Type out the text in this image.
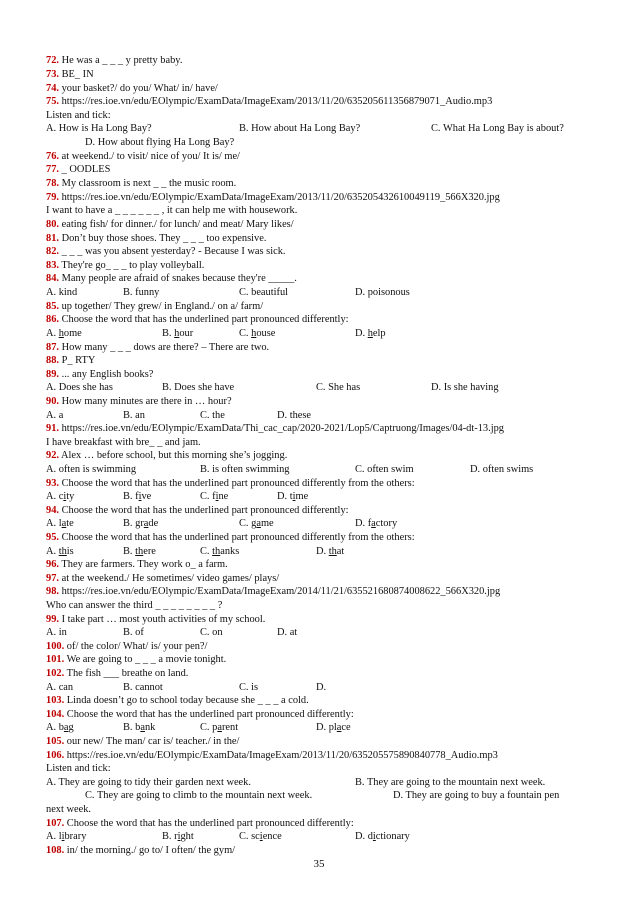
72. He was a _ _ _ y pretty baby.
73. BE_ IN
74. your basket?/ do you/ What/ in/ have/
75. https://res.ioe.vn/edu/EOlympic/ExamData/ImageExam/2013/11/20/635205611356879071_Audio.mp3
Listen and tick:
A. How is Ha Long Bay?	B. How about Ha Long Bay?	C. What Ha Long Bay is about?
D. How about flying Ha Long Bay?
76. at weekend./ to visit/ nice of you/ It is/ me/
77. _ OODLES
78. My classroom is next _ _ the music room.
79. https://res.ioe.vn/edu/EOlympic/ExamData/ImageExam/2013/11/20/635205432610049119_566X320.jpg
I want to have a _ _ _ _ _ _ , it can help me with housework.
80. eating fish/ for dinner./ for lunch/ and meat/ Mary likes/
81. Don’t buy those shoes. They _ _ _ too expensive.
82. _ _ _ was you absent yesterday? - Because I was sick.
83. They're go_ _ _ to play volleyball.
84. Many people are afraid of snakes because they're _____.
A. kind	B. funny	C. beautiful	D. poisonous
85. up together/ They grew/ in England./ on a/ farm/
86. Choose the word that has the underlined part pronounced differently:
A. home	B. hour	C. house	D. help
87. How many _ _ _ dows are there? – There are two.
88. P_ RTY
89. ... any English books?
A. Does she has	B. Does she have	C. She has	D. Is she having
90. How many minutes are there in … hour?
A. a	B. an	C. the	D. these
91. https://res.ioe.vn/edu/EOlympic/ExamData/Thi_cac_cap/2020-2021/Lop5/Captruong/Images/04-dt-13.jpg
I have breakfast with bre_ _ and jam.
92. Alex … before school, but this morning she’s jogging.
A. often is swimming	B. is often swimming	C. often swim	D. often swims
93. Choose the word that has the underlined part pronounced differently from the others:
A. city	B. five	C. fine	D. time
94. Choose the word that has the underlined part pronounced differently:
A. late	B. grade	C. game	D. factory
95. Choose the word that has the underlined part pronounced differently from the others:
A. this	B. there	C. thanks	D. that
96. They are farmers. They work o_ a farm.
97. at the weekend./ He sometimes/ video games/ plays/
98. https://res.ioe.vn/edu/EOlympic/ExamData/ImageExam/2014/11/21/635521680874008622_566X320.jpg
Who can answer the third _ _ _ _ _ _ _ _ ?
99. I take part … most youth activities of my school.
A. in	B. of	C. on	D. at
100. of/ the color/ What/ is/ your pen?/
101. We are going to _ _ _ a movie tonight.
102. The fish ___ breathe on land.
A. can	B. cannot	C. is	D.
103. Linda doesn’t go to school today because she _ _ _ a cold.
104. Choose the word that has the underlined part pronounced differently:
A. bag	B. bank	C. parent	D. place
105. our new/ The man/ car is/ teacher./ in the/
106. https://res.ioe.vn/edu/EOlympic/ExamData/ImageExam/2013/11/20/635205575890840778_Audio.mp3
Listen and tick:
A. They are going to tidy their garden next week.	B. They are going to the mountain next week.
C. They are going to climb to the mountain next week.	D. They are going to buy a fountain pen
next week.
107. Choose the word that has the underlined part pronounced differently:
A. library	B. right	C. science	D. dictionary
108. in/ the morning./ go to/ I often/ the gym/
35
